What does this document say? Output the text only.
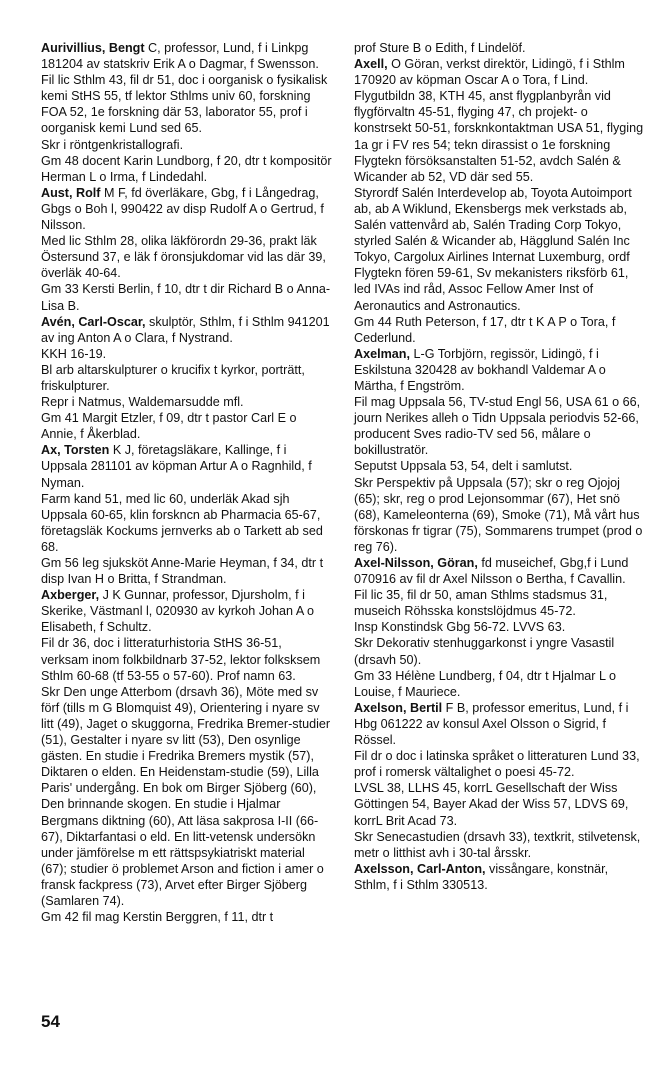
Aurivillius, Bengt C, professor, Lund, f i Linkpg 181204 av statskriv Erik A o Dagmar, f Swensson.

Fil lic Sthlm 43, fil dr 51, doc i oorganisk o fysikalisk kemi StHS 55, tf lektor Sthlms univ 60, forskning FOA 52, 1e forskning där 53, laborator 55, prof i oorganisk kemi Lund sed 65.

Skr i röntgenkristallografi.

Gm 48 docent Karin Lundborg, f 20, dtr t kompositör Herman L o Irma, f Lindedahl.

Aust, Rolf M F, fd överläkare, Gbg, f i Långedrag, Gbgs o Boh l, 990422 av disp Rudolf A o Gertrud, f Nilsson.

Med lic Sthlm 28, olika läkförordn 29-36, prakt läk Östersund 37, e läk f öronsjukdomar vid las där 39, överläk 40-64.

Gm 33 Kersti Berlin, f 10, dtr t dir Richard B o Anna-Lisa B.

Avén, Carl-Oscar, skulptör, Sthlm, f i Sthlm 941201 av ing Anton A o Clara, f Nystrand.

KKH 16-19.

Bl arb altarskulpturer o krucifix t kyrkor, porträtt, friskulpturer.

Repr i Natmus, Waldemarsudde mfl.

Gm 41 Margit Etzler, f 09, dtr t pastor Carl E o Annie, f Åkerblad.

Ax, Torsten K J, företagsläkare, Kallinge, f i Uppsala 281101 av köpman Artur A o Ragnhild, f Nyman.

Farm kand 51, med lic 60, underläk Akad sjh Uppsala 60-65, klin forskncn ab Pharmacia 65-67, företagsläk Kockums jernverks ab o Tarkett ab sed 68.

Gm 56 leg sjuksköt Anne-Marie Heyman, f 34, dtr t disp Ivan H o Britta, f Strandman.

Axberger, J K Gunnar, professor, Djursholm, f i Skerike, Västmanl l, 020930 av kyrkoh Johan A o Elisabeth, f Schultz.

Fil dr 36, doc i litteraturhistoria StHS 36-51, verksam inom folkbildnarb 37-52, lektor folksksem Sthlm 60-68 (tf 53-55 o 57-60). Prof namn 63.

Skr Den unge Atterbom (drsavh 36), Möte med sv förf (tills m G Blomquist 49), Orientering i nyare sv litt (49), Jaget o skuggorna, Fredrika Bremer-studier (51), Gestalter i nyare sv litt (53), Den osynlige gästen. En studie i Fredrika Bremers mystik (57), Diktaren o elden. En Heidenstam-studie (59), Lilla Paris' undergång. En bok om Birger Sjöberg (60), Den brinnande skogen. En studie i Hjalmar Bergmans diktning (60), Att läsa sakprosa I-II (66-67), Diktarfantasi o eld. En litt-vetensk undersökn under jämförelse m ett rättspsykiatriskt material (67); studier ö problemet Arson and fiction i amer o fransk fackpress (73), Arvet efter Birger Sjöberg (Samlaren 74).

Gm 42 fil mag Kerstin Berggren, f 11, dtr t

prof Sture B o Edith, f Lindelöf.

Axell, O Göran, verkst direktör, Lidingö, f i Sthlm 170920 av köpman Oscar A o Tora, f Lind.

Flygutbildn 38, KTH 45, anst flygplanbyrån vid flygförvaltn 45-51, flyging 47, ch projekt- o konstrsekt 50-51, forsknkontaktman USA 51, flyging 1a gr i FV res 54; tekn dirassist o 1e forskning Flygtekn försöksanstalten 51-52, avdch Salén & Wicander ab 52, VD där sed 55.

Styrordf Salén Interdevelop ab, Toyota Autoimport ab, ab A Wiklund, Ekensbergs mek verkstads ab, Salén vattenvård ab, Salén Trading Corp Tokyo, styrled Salén & Wicander ab, Hägglund Salén Inc Tokyo, Cargolux Airlines Internat Luxemburg, ordf Flygtekn fören 59-61, Sv mekanisters riksförb 61, led IVAs ind råd, Assoc Fellow Amer Inst of Aeronautics and Astronautics.

Gm 44 Ruth Peterson, f 17, dtr t K A P o Tora, f Cederlund.

Axelman, L-G Torbjörn, regissör, Lidingö, f i Eskilstuna 320428 av bokhandl Valdemar A o Märtha, f Engström.

Fil mag Uppsala 56, TV-stud Engl 56, USA 61 o 66, journ Nerikes alleh o Tidn Uppsala periodvis 52-66, producent Sves radio-TV sed 56, målare o bokillustratör.

Seputst Uppsala 53, 54, delt i samlutst.

Skr Perspektiv på Uppsala (57); skr o reg Ojojoj (65); skr, reg o prod Lejonsommar (67), Het snö (68), Kameleonterna (69), Smoke (71), Må vårt hus förskonas fr tigrar (75), Sommarens trumpet (prod o reg 76).

Axel-Nilsson, Göran, fd museichef, Gbg,f i Lund 070916 av fil dr Axel Nilsson o Bertha, f Cavallin.

Fil lic 35, fil dr 50, aman Sthlms stadsmus 31, museich Röhsska konstslöjdmus 45-72.

Insp Konstindsk Gbg 56-72. LVVS 63.

Skr Dekorativ stenhuggarkonst i yngre Vasastil (drsavh 50).

Gm 33 Hélène Lundberg, f 04, dtr t Hjalmar L o Louise, f Mauriece.

Axelson, Bertil F B, professor emeritus, Lund, f i Hbg 061222 av konsul Axel Olsson o Sigrid, f Rössel.

Fil dr o doc i latinska språket o litteraturen Lund 33, prof i romersk vältalighet o poesi 45-72.

LVSL 38, LLHS 45, korrL Gesellschaft der Wiss Göttingen 54, Bayer Akad der Wiss 57, LDVS 69, korrL Brit Acad 73.

Skr Senecastudien (drsavh 33), textkrit, stilvetensk, metr o litthist avh i 30-tal årsskr.

Axelsson, Carl-Anton, vissångare, konstnär, Sthlm, f i Sthlm 330513.

54
